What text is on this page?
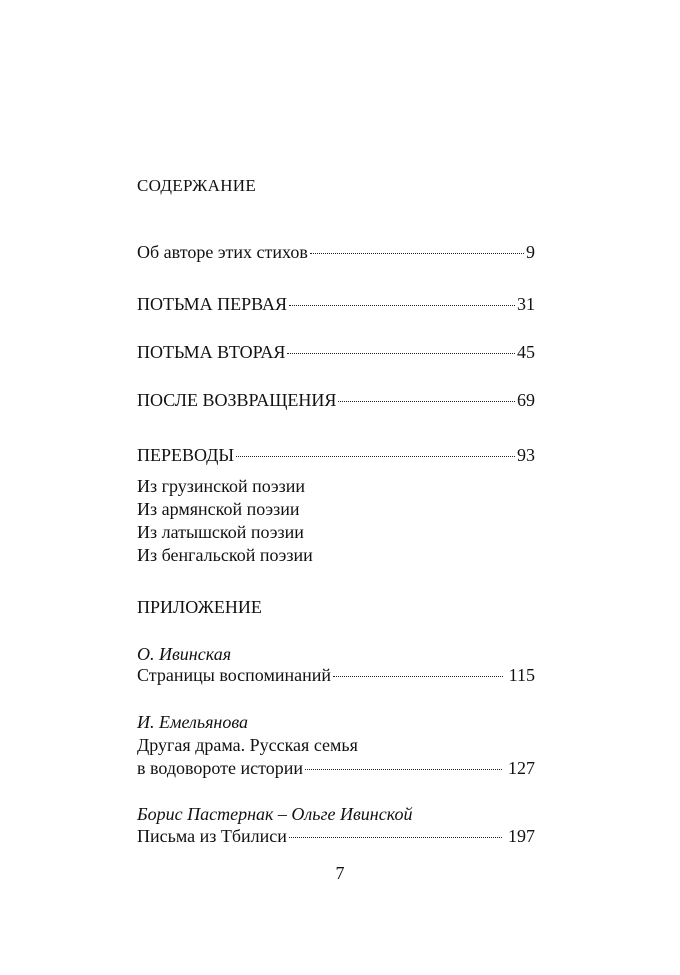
СОДЕРЖАНИЕ
Об авторе этих стихов	9
ПОТЬМА ПЕРВАЯ	31
ПОТЬМА ВТОРАЯ	45
ПОСЛЕ ВОЗВРАЩЕНИЯ	69
ПЕРЕВОДЫ	93
Из грузинской поэзии
Из армянской поэзии
Из латышской поэзии
Из бенгальской поэзии
ПРИЛОЖЕНИЕ
О. Ивинская
Страницы воспоминаний	115
И. Емельянова
Другая драма. Русская семья
в водовороте истории	127
Борис Пастернак – Ольге Ивинской
Письма из Тбилиси	197
7
